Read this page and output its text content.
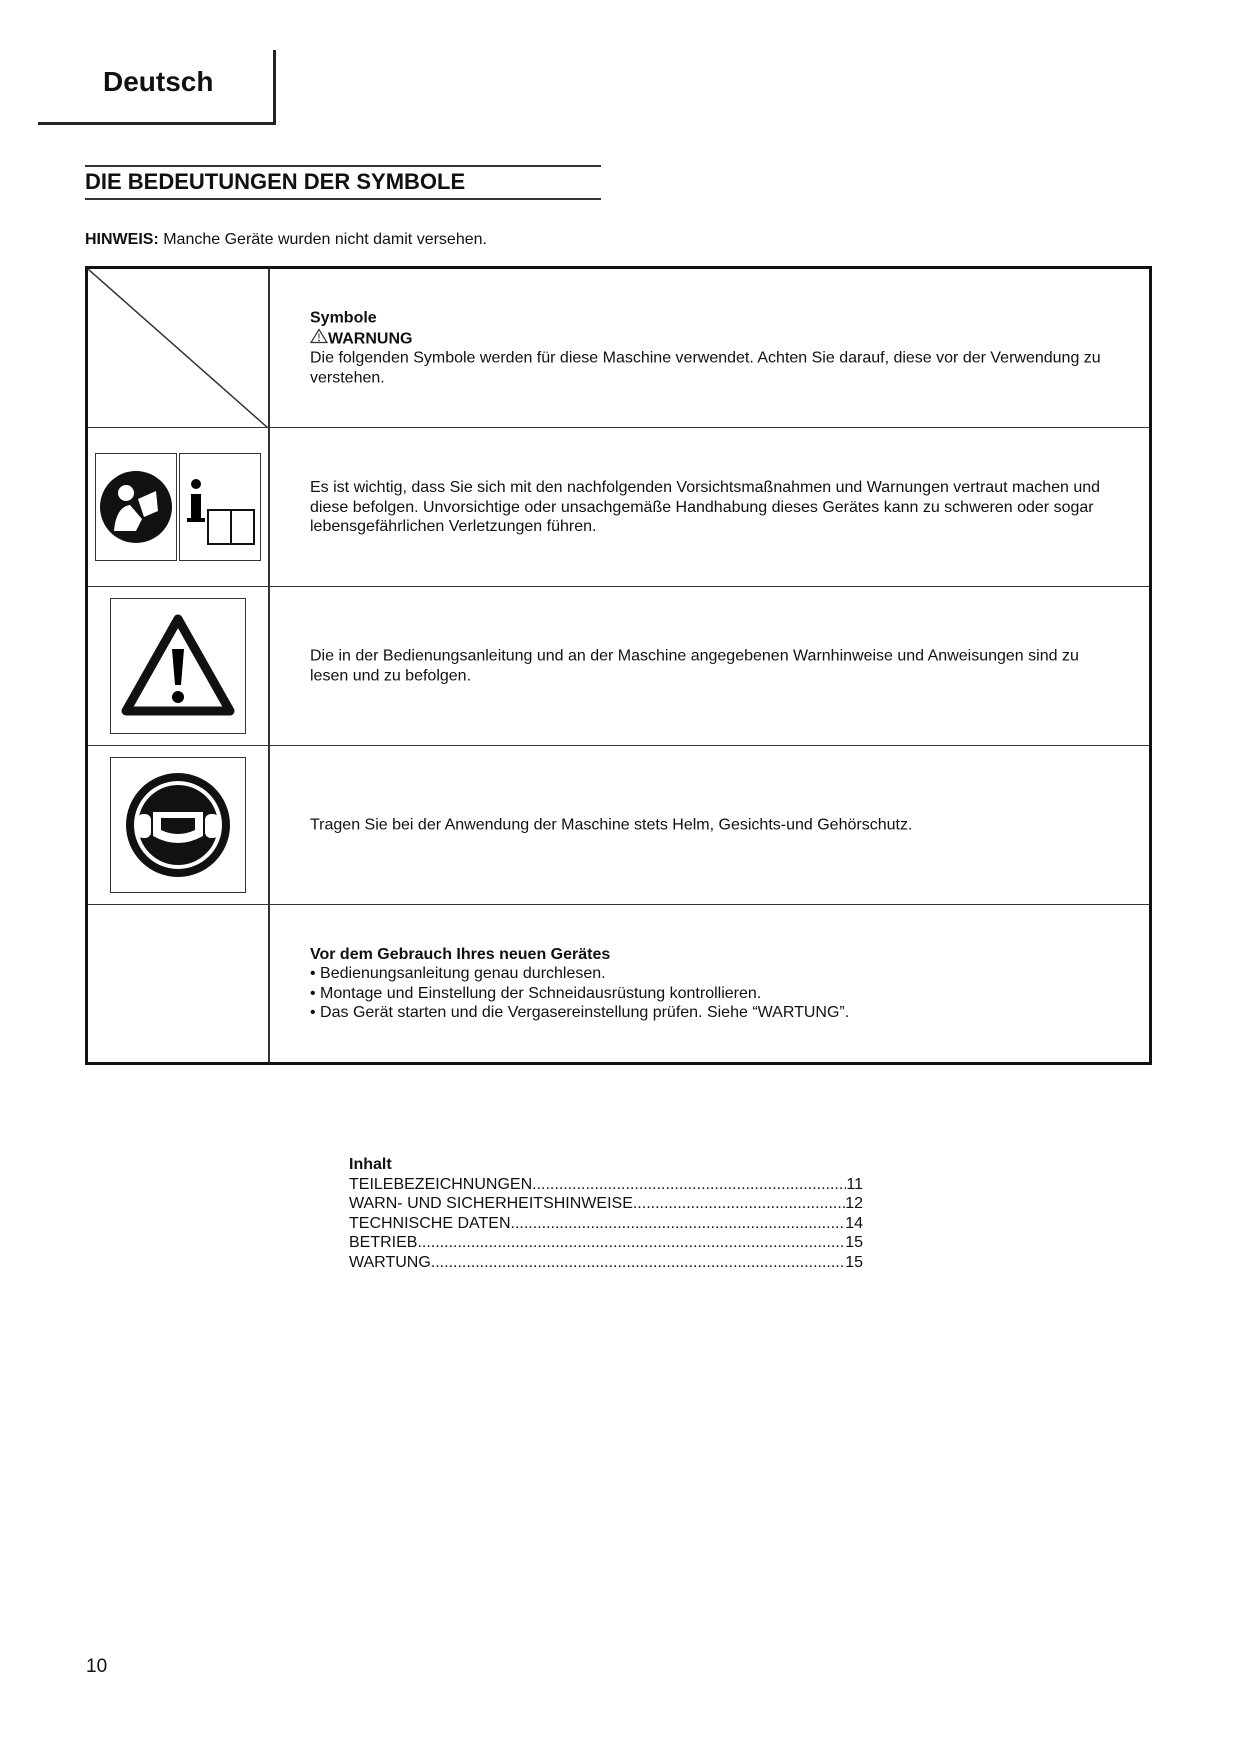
Deutsch
DIE BEDEUTUNGEN DER SYMBOLE
HINWEIS: Manche Geräte wurden nicht damit versehen.
Symbole
WARNUNG
Die folgenden Symbole werden für diese Maschine verwendet. Achten Sie darauf, diese vor der Verwendung zu verstehen.
Es ist wichtig, dass Sie sich mit den nachfolgenden Vorsichtsmaßnahmen und Warnungen vertraut machen und diese befolgen. Unvorsichtige oder unsachgemäße Handhabung dieses Gerätes kann zu schweren oder sogar lebensgefährlichen Verletzungen führen.
Die in der Bedienungsanleitung und an der Maschine angegebenen Warnhinweise und Anweisungen sind zu lesen und zu befolgen.
Tragen Sie bei der Anwendung der Maschine stets Helm, Gesichts-und Gehörschutz.
Vor dem Gebrauch Ihres neuen Gerätes
• Bedienungsanleitung genau durchlesen.
• Montage und Einstellung der Schneidausrüstung kontrollieren.
• Das Gerät starten und die Vergasereinstellung prüfen. Siehe “WARTUNG”.
Inhalt
TEILEBEZEICHNUNGEN .....	11
WARN- UND SICHERHEITSHINWEISE .....	12
TECHNISCHE DATEN .....	14
BETRIEB .....	15
WARTUNG .....	15
10
